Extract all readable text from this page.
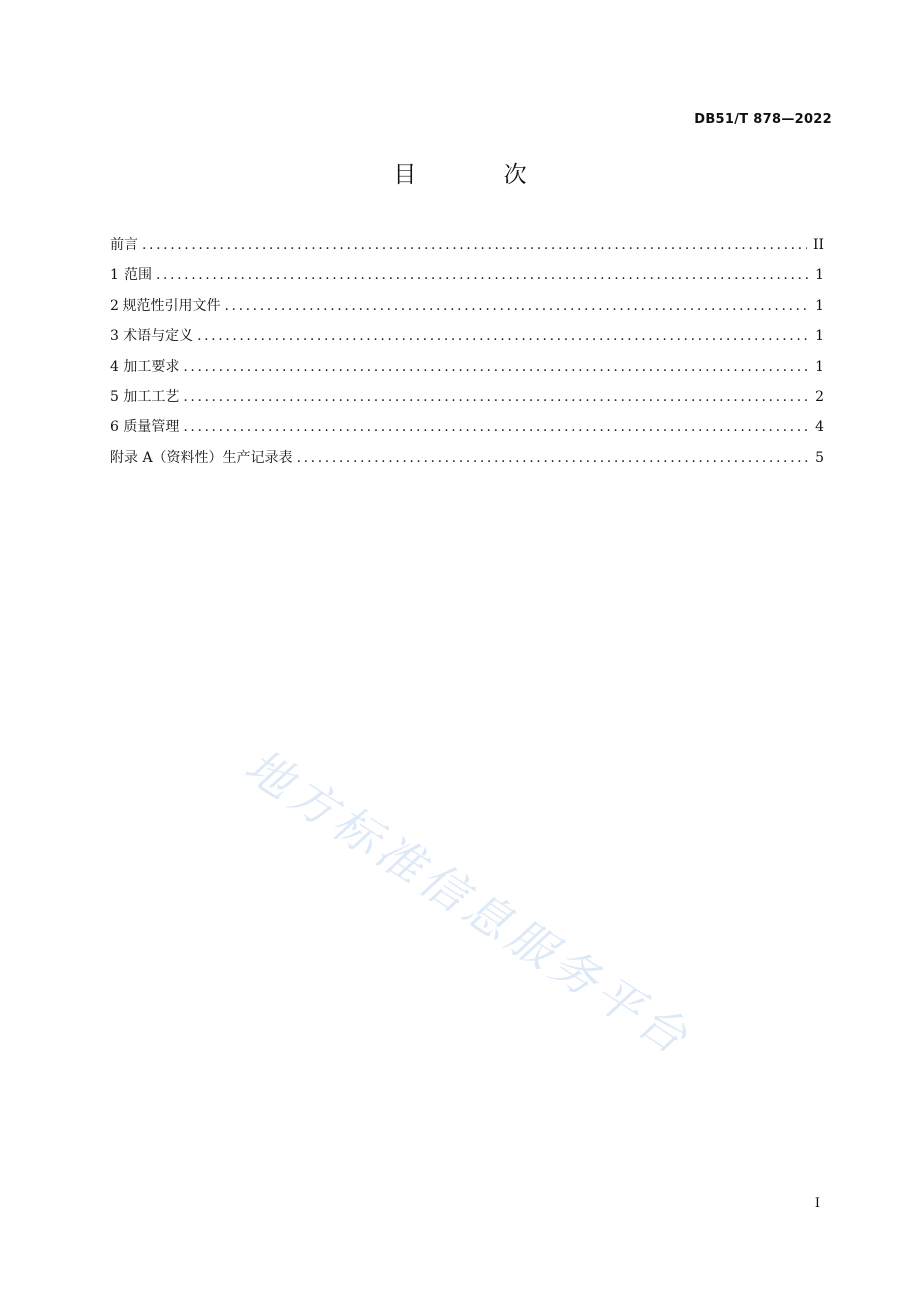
DB51/T 878—2022
目 次
前言 .....	II
1 范围 .....	1
2 规范性引用文件 .....	1
3 术语与定义 .....	1
4 加工要求 .....	1
5 加工工艺 .....	2
6 质量管理 .....	4
附录 A（资料性）生产记录表 .....	5
地方标准信息服务平台
I
